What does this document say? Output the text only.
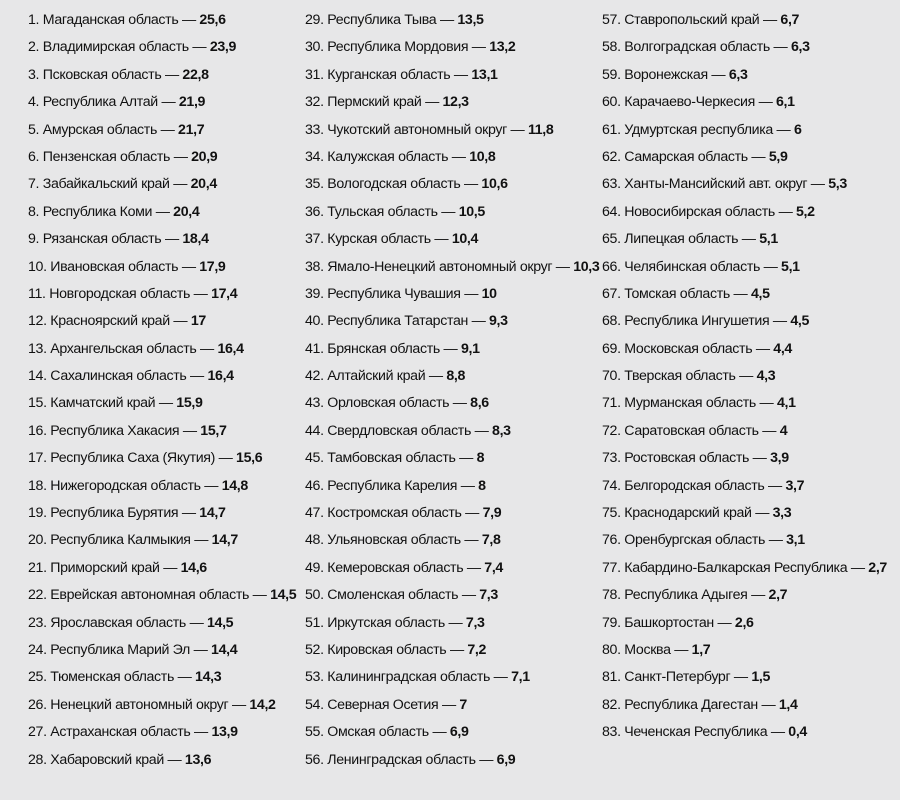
1. Магаданская область — 25,6
2. Владимирская область — 23,9
3. Псковская область — 22,8
4. Республика Алтай — 21,9
5. Амурская область — 21,7
6. Пензенская область — 20,9
7. Забайкальский край — 20,4
8. Республика Коми — 20,4
9. Рязанская область — 18,4
10. Ивановская область — 17,9
11. Новгородская область — 17,4
12. Красноярский край — 17
13. Архангельская область — 16,4
14. Сахалинская область — 16,4
15. Камчатский край — 15,9
16. Республика Хакасия — 15,7
17. Республика Саха (Якутия) — 15,6
18. Нижегородская область — 14,8
19. Республика Бурятия — 14,7
20. Республика Калмыкия — 14,7
21. Приморский край — 14,6
22. Еврейская автономная область — 14,5
23. Ярославская область — 14,5
24. Республика Марий Эл — 14,4
25. Тюменская область — 14,3
26. Ненецкий автономный округ — 14,2
27. Астраханская область — 13,9
28. Хабаровский край — 13,6
29. Республика Тыва — 13,5
30. Республика Мордовия — 13,2
31. Курганская область — 13,1
32. Пермский край — 12,3
33. Чукотский автономный округ — 11,8
34. Калужская область — 10,8
35. Вологодская область — 10,6
36. Тульская область — 10,5
37. Курская область — 10,4
38. Ямало-Ненецкий автономный округ — 10,3
39. Республика Чувашия — 10
40. Республика Татарстан — 9,3
41. Брянская область — 9,1
42. Алтайский край — 8,8
43. Орловская область — 8,6
44. Свердловская область — 8,3
45. Тамбовская область — 8
46. Республика Карелия — 8
47. Костромская область — 7,9
48. Ульяновская область — 7,8
49. Кемеровская область — 7,4
50. Смоленская область — 7,3
51. Иркутская область — 7,3
52. Кировская область — 7,2
53. Калининградская область — 7,1
54. Северная Осетия — 7
55. Омская область — 6,9
56. Ленинградская область — 6,9
57. Ставропольский край — 6,7
58. Волгоградская область — 6,3
59. Воронежская — 6,3
60. Карачаево-Черкесия — 6,1
61. Удмуртская республика — 6
62. Самарская область — 5,9
63. Ханты-Мансийский авт. округ — 5,3
64. Новосибирская область — 5,2
65. Липецкая область — 5,1
66. Челябинская область — 5,1
67. Томская область — 4,5
68. Республика Ингушетия — 4,5
69. Московская область — 4,4
70. Тверская область — 4,3
71. Мурманская область — 4,1
72. Саратовская область — 4
73. Ростовская область — 3,9
74. Белгородская область — 3,7
75. Краснодарский край — 3,3
76. Оренбургская область — 3,1
77. Кабардино-Балкарская Республика — 2,7
78. Республика Адыгея — 2,7
79. Башкортостан — 2,6
80. Москва — 1,7
81. Санкт-Петербург — 1,5
82. Республика Дагестан — 1,4
83. Чеченская Республика — 0,4
